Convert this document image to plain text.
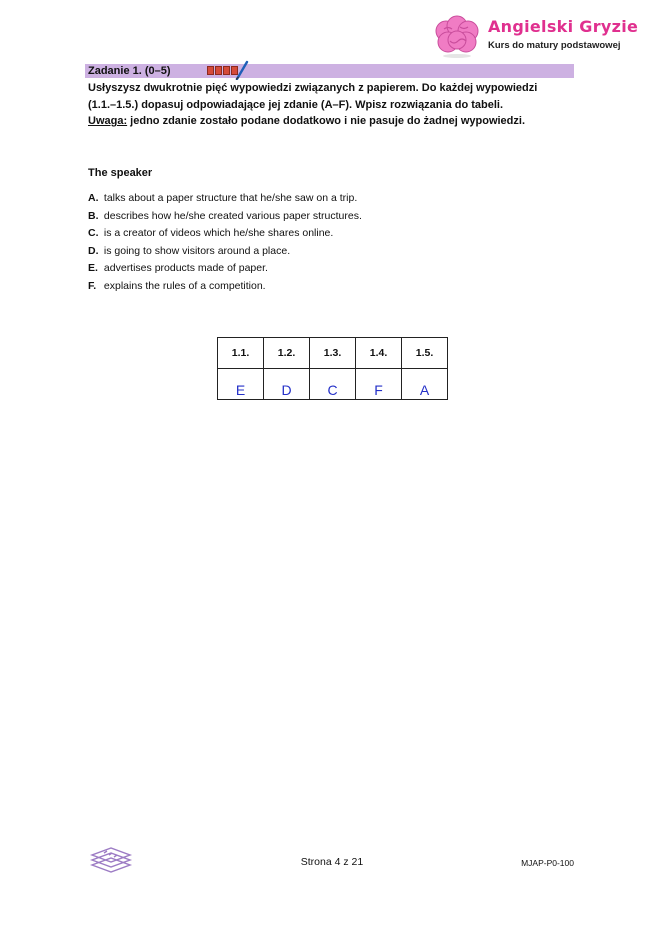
Angielski Gryzie
Kurs do matury podstawowej
Zadanie 1. (0–5)

Usłyszysz dwukrotnie pięć wypowiedzi związanych z papierem. Do każdej wypowiedzi
(1.1.–1.5.) dopasuj odpowiadające jej zdanie (A–F). Wpisz rozwiązania do tabeli.
Uwaga: jedno zdanie zostało podane dodatkowo i nie pasuje do żadnej wypowiedzi.

The speaker
A. talks about a paper structure that he/she saw on a trip.
B. describes how he/she created various paper structures.
C. is a creator of videos which he/she shares online.
D. is going to show visitors around a place.
E. advertises products made of paper.
F. explains the rules of a competition.
1.1.	1.2.	1.3.	1.4.	1.5.
E	D	C	F	A
Strona 4 z 21	MJAP-P0-100
